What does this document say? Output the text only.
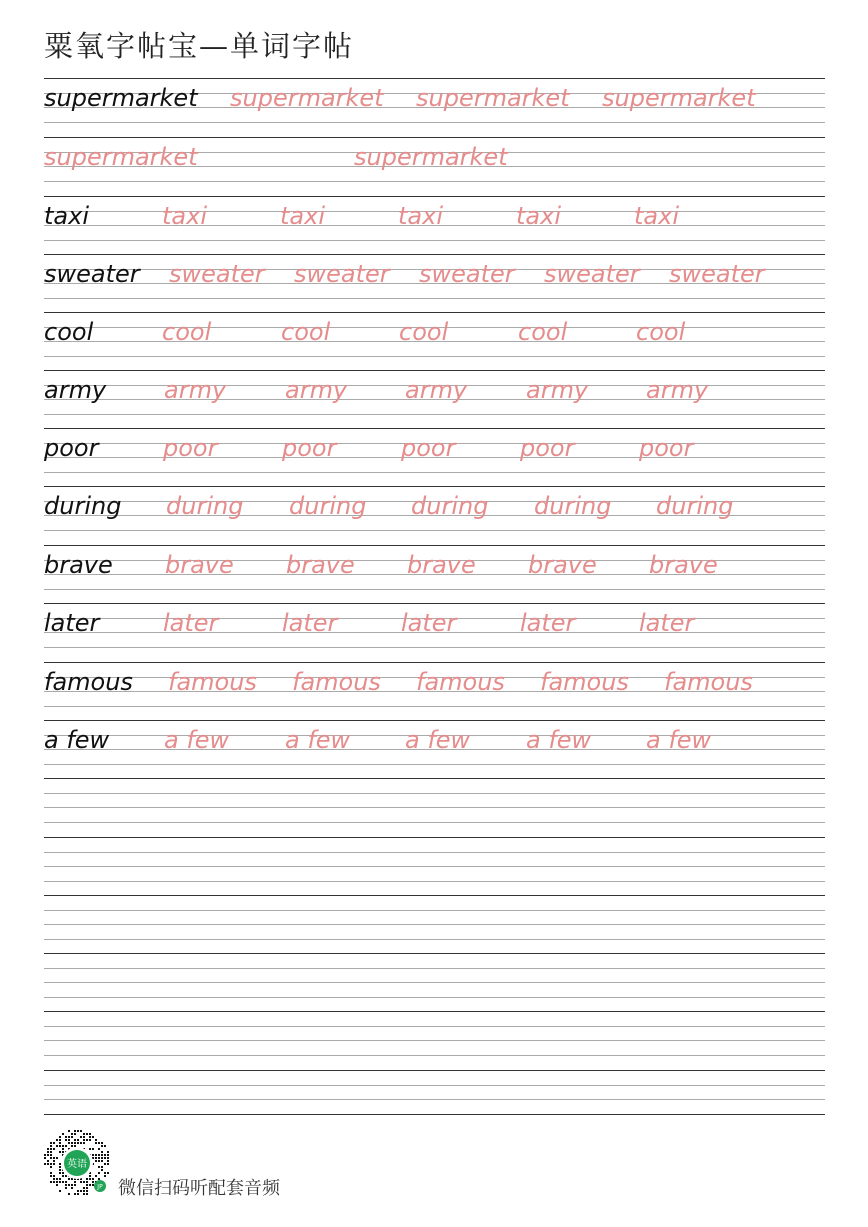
粟氧字帖宝—单词字帖
supermarket supermarket supermarket supermarket
supermarket	supermarket
taxi	taxi	taxi	taxi	taxi	taxi
sweater sweater sweater sweater sweater sweater
cool	cool	cool	cool	cool	cool
army army army army army army
poor	poor	poor	poor	poor	poor
during during during during during during
brave brave brave brave brave brave
later	later	later	later	later	later
famous famous famous famous famous famous
a few a few a few a few a few a few
英语
JP 微信扫码听配套音频
